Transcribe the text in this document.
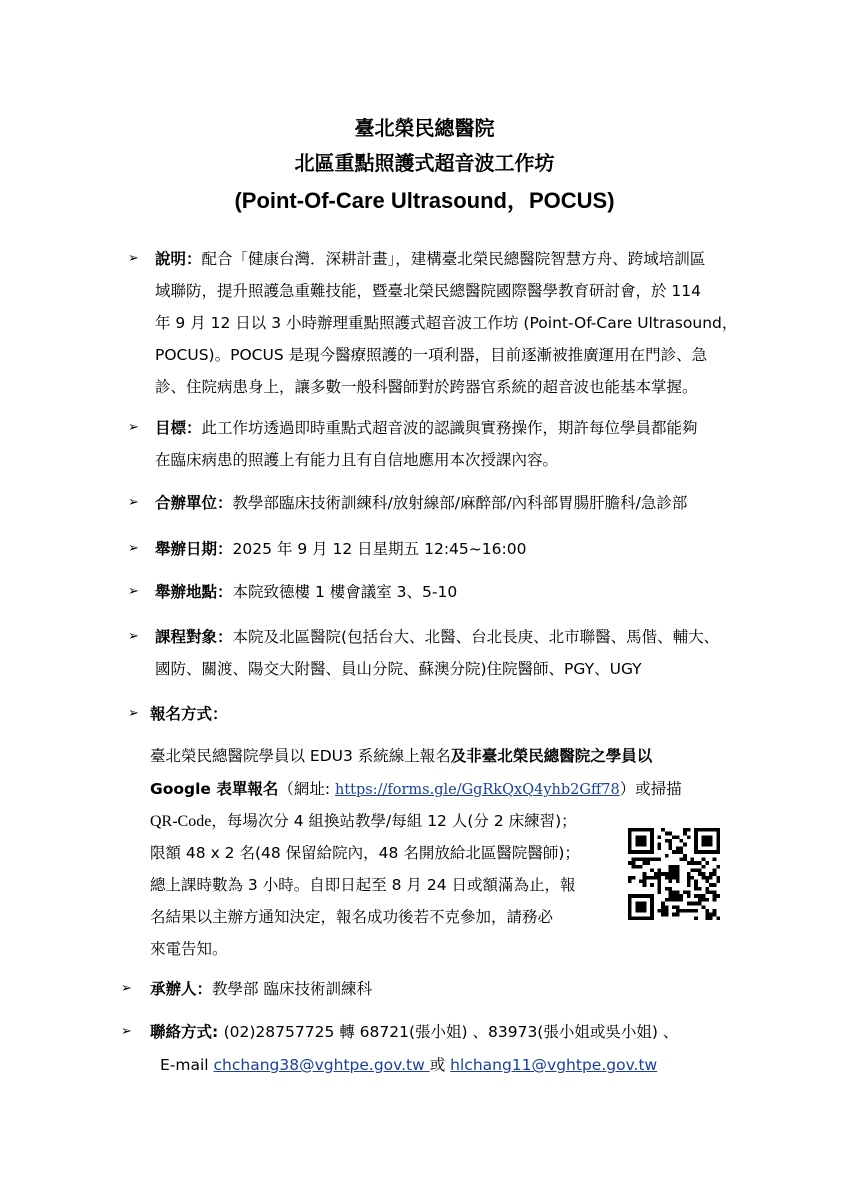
臺北榮民總醫院
北區重點照護式超音波工作坊
(Point-Of-Care Ultrasound，POCUS)
➢ 說明：配合「健康台灣．深耕計畫」，建構臺北榮民總醫院智慧方舟、跨域培訓區
域聯防，提升照護急重難技能，暨臺北榮民總醫院國際醫學教育研討會，於 114
年 9 月 12 日以 3 小時辦理重點照護式超音波工作坊 (Point-Of-Care Ultrasound，
POCUS)。POCUS 是現今醫療照護的一項利器，目前逐漸被推廣運用在門診、急
診、住院病患身上，讓多數一般科醫師對於跨器官系統的超音波也能基本掌握。
➢ 目標：此工作坊透過即時重點式超音波的認識與實務操作，期許每位學員都能夠
在臨床病患的照護上有能力且有自信地應用本次授課內容。
➢ 合辦單位：教學部臨床技術訓練科/放射線部/麻醉部/內科部胃腸肝膽科/急診部
➢ 舉辦日期：2025 年 9 月 12 日星期五 12:45~16:00
➢ 舉辦地點：本院致德樓 1 樓會議室 3、5-10
➢ 課程對象：本院及北區醫院(包括台大、北醫、台北長庚、北市聯醫、馬偕、輔大、
國防、關渡、陽交大附醫、員山分院、蘇澳分院)住院醫師、PGY、UGY
➢ 報名方式：
臺北榮民總醫院學員以 EDU3 系統線上報名及非臺北榮民總醫院之學員以
Google 表單報名（網址: https://forms.gle/GgRkQxQ4yhb2Gff78）或掃描
QR-Code，每場次分 4 組換站教學/每組 12 人(分 2 床練習)；
限額 48 x 2 名(48 保留給院內，48 名開放給北區醫院醫師)；
總上課時數為 3 小時。自即日起至 8 月 24 日或額滿為止，報
名結果以主辦方通知決定，報名成功後若不克參加，請務必
來電告知。
➢ 承辦人：教學部 臨床技術訓練科
➢ 聯絡方式: (02)28757725 轉 68721(張小姐) 、83973(張小姐或吳小姐) 、
E-mail chchang38@vghtpe.gov.tw 或 hlchang11@vghtpe.gov.tw
